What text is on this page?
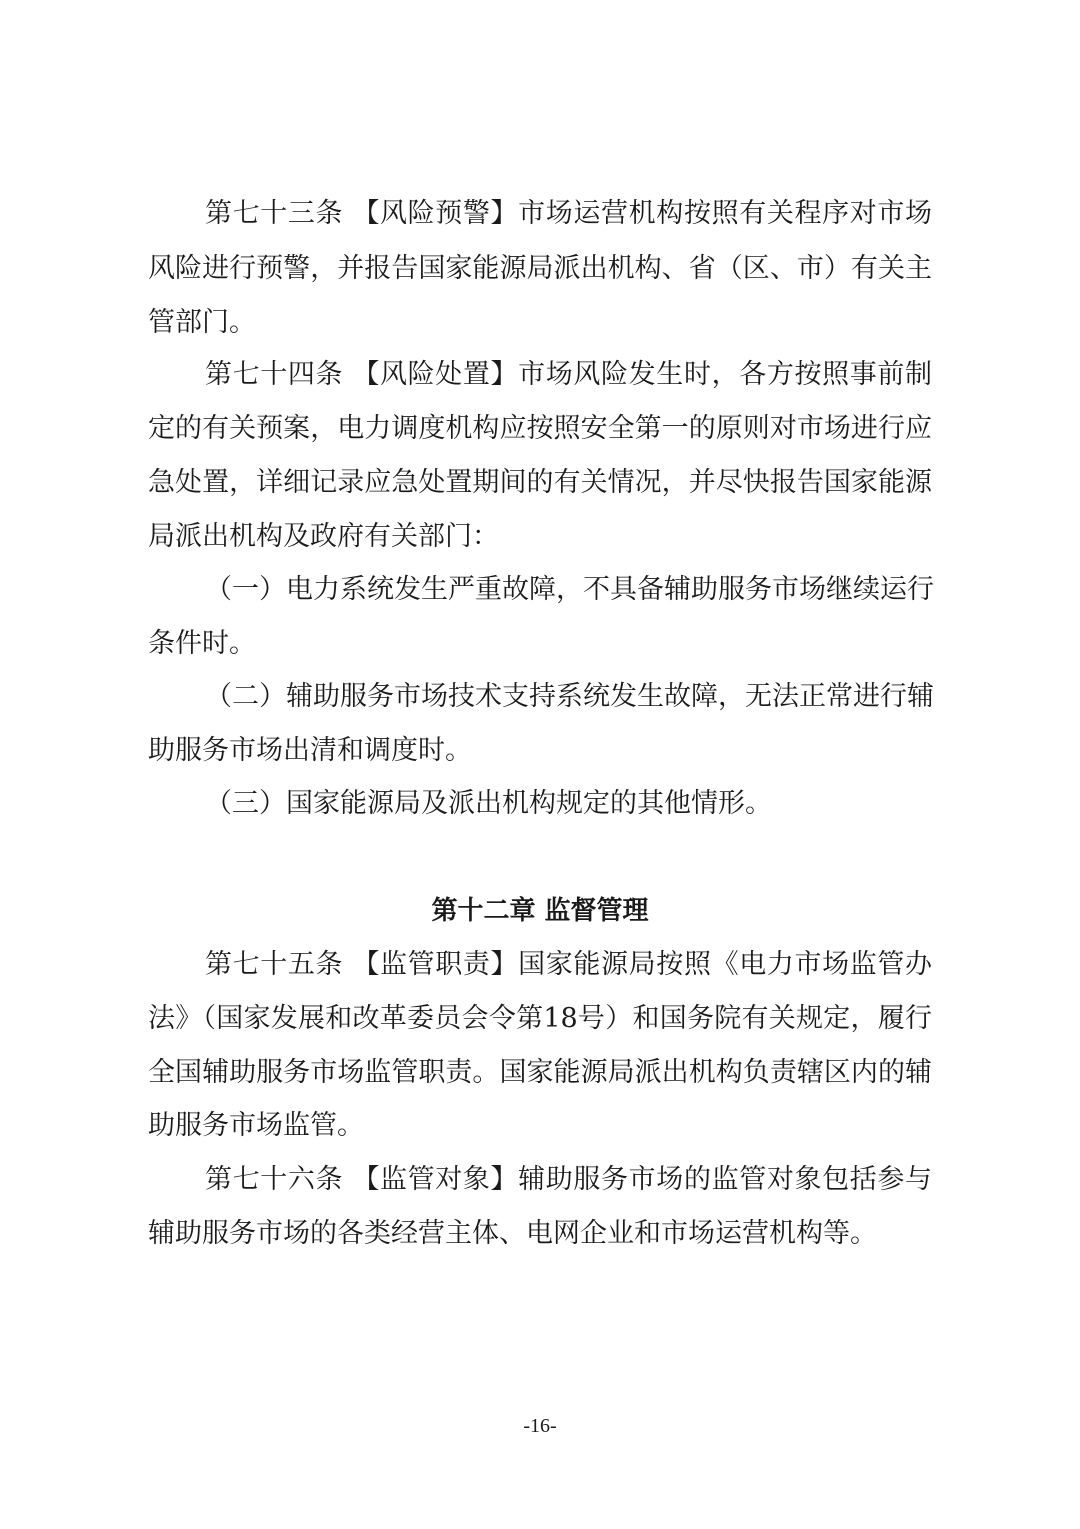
第七十三条 【风险预警】市场运营机构按照有关程序对市场
风险进行预警，并报告国家能源局派出机构、省（区、市）有关主
管部门。
第七十四条 【风险处置】市场风险发生时，各方按照事前制
定的有关预案，电力调度机构应按照安全第一的原则对市场进行应
急处置，详细记录应急处置期间的有关情况，并尽快报告国家能源
局派出机构及政府有关部门：
（一）电力系统发生严重故障，不具备辅助服务市场继续运行
条件时。
（二）辅助服务市场技术支持系统发生故障，无法正常进行辅
助服务市场出清和调度时。
（三）国家能源局及派出机构规定的其他情形。
第十二章 监督管理
第七十五条 【监管职责】国家能源局按照《电力市场监管办
法》（国家发展和改革委员会令第18号）和国务院有关规定，履行
全国辅助服务市场监管职责。国家能源局派出机构负责辖区内的辅
助服务市场监管。
第七十六条 【监管对象】辅助服务市场的监管对象包括参与
辅助服务市场的各类经营主体、电网企业和市场运营机构等。
-16-
